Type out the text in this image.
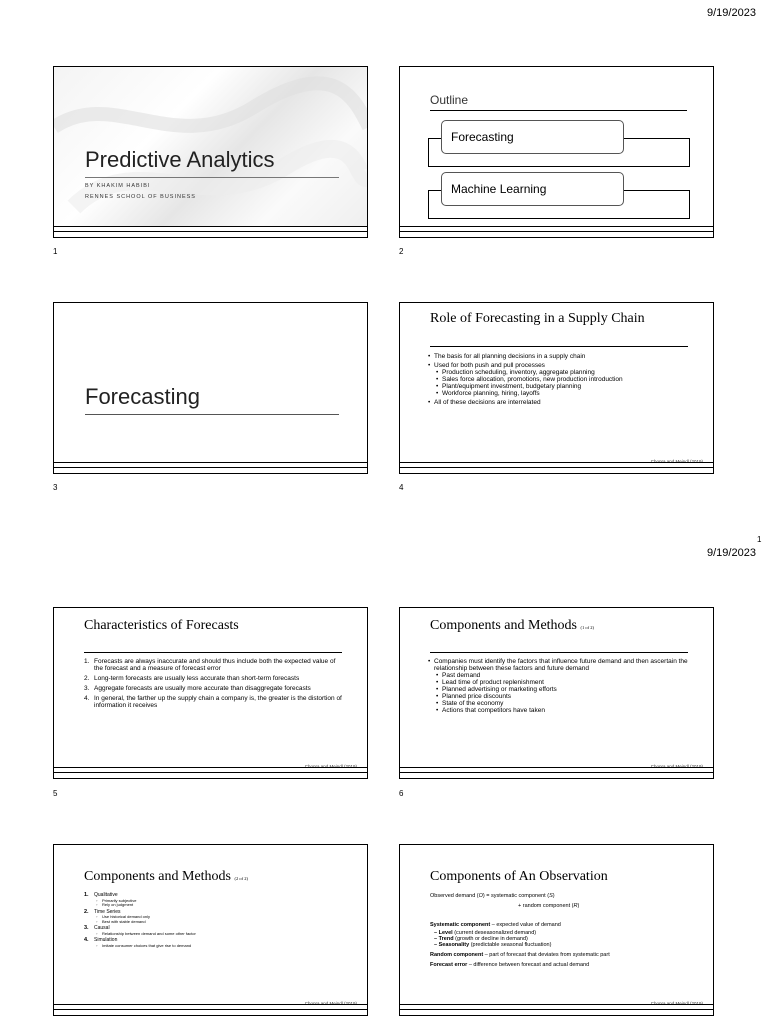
9/19/2023
1
9/19/2023
Predictive Analytics
BY KHAKIM HABIBI
RENNES SCHOOL OF BUSINESS
1
Outline
Forecasting
Machine Learning
2
Forecasting
3
Role of Forecasting in a Supply Chain
• The basis for all planning decisions in a supply chain
• Used for both push and pull processes
• Production scheduling, inventory, aggregate planning
• Sales force allocation, promotions, new production introduction
• Plant/equipment investment, budgetary planning
• Workforce planning, hiring, layoffs
• All of these decisions are interrelated
4
Characteristics of Forecasts
1. Forecasts are always inaccurate and should thus include both the expected value of the forecast and a measure of forecast error
2. Long-term forecasts are usually less accurate than short-term forecasts
3. Aggregate forecasts are usually more accurate than disaggregate forecasts
4. In general, the farther up the supply chain a company is, the greater is the distortion of information it receives
5
Components and Methods (1 of 2)
• Companies must identify the factors that influence future demand and then ascertain the relationship between these factors and future demand
• Past demand
• Lead time of product replenishment
• Planned advertising or marketing efforts
• Planned price discounts
• State of the economy
• Actions that competitors have taken
6
Components and Methods (2 of 2)
1. Qualitative
◦ Primarily subjective
◦ Rely on judgment
2. Time Series
◦ Use historical demand only
◦ Best with stable demand
3. Causal
◦ Relationship between demand and some other factor
4. Simulation
◦ Imitate consumer choices that give rise to demand
Components of An Observation
Observed demand (O) = systematic component (S)
+ random component (R)
Systematic component – expected value of demand
– Level (current deseasonalized demand)
– Trend (growth or decline in demand)
– Seasonality (predictable seasonal fluctuation)
Random component – part of forecast that deviates from systematic part
Forecast error – difference between forecast and actual demand
